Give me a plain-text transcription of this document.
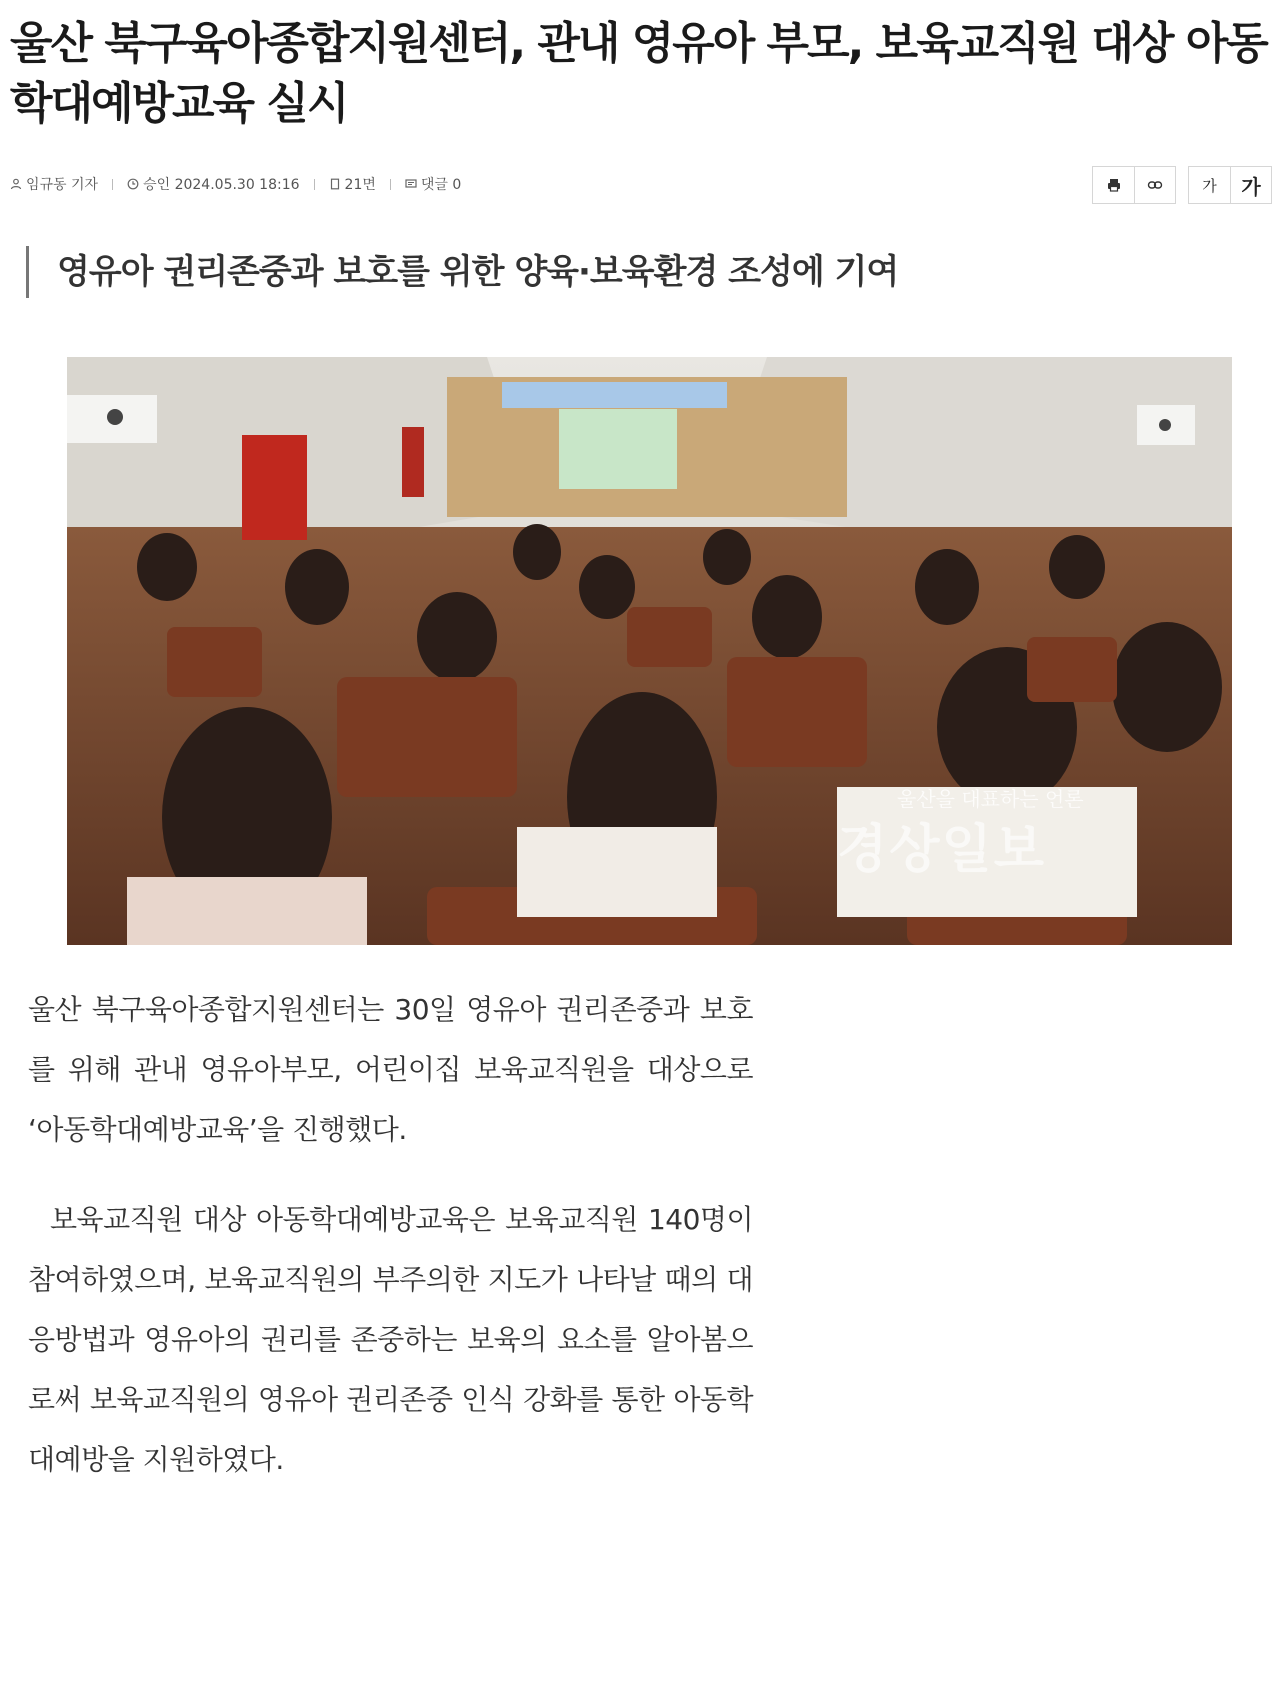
울산 북구육아종합지원센터, 관내 영유아 부모, 보육교직원 대상 아동학대예방교육 실시
임규동 기자	승인 2024.05.30 18:16	21면	댓글 0	가	가
영유아 권리존중과 보호를 위한 양육·보육환경 조성에 기여
울산을 대표하는 언론
경상일보

울산 북구육아종합지원센터는 30일 영유아 권리존중과 보호를 위해 관내 영유아부모, 어린이집 보육교직원을 대상으로 ‘아동학대예방교육’을 진행했다.

보육교직원 대상 아동학대예방교육은 보육교직원 140명이 참여하였으며, 보육교직원의 부주의한 지도가 나타날 때의 대응방법과 영유아의 권리를 존중하는 보육의 요소를 알아봄으로써 보육교직원의 영유아 권리존중 인식 강화를 통한 아동학대예방을 지원하였다.
